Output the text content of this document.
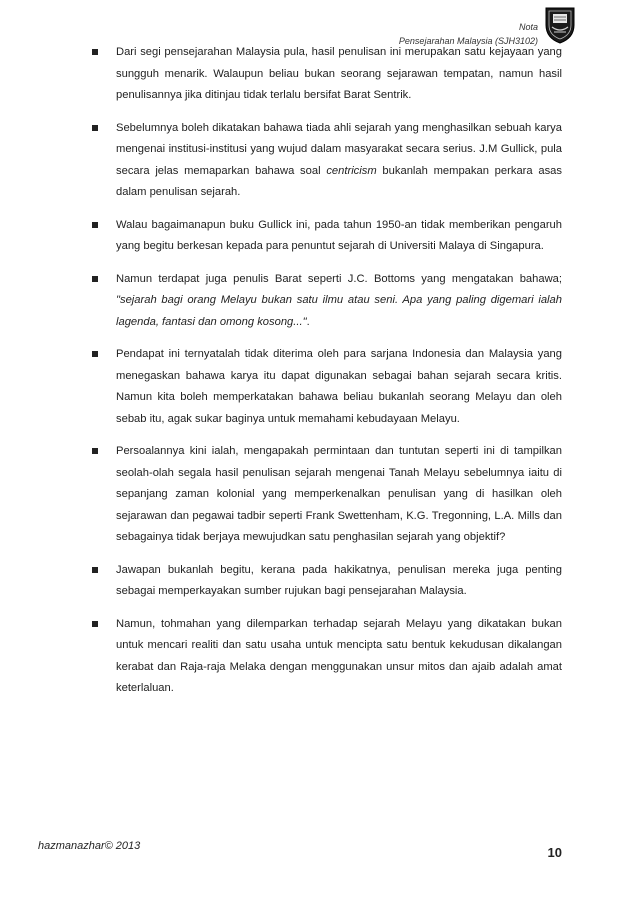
Nota
Pensejarahan Malaysia (SJH3102)
Dari segi pensejarahan Malaysia pula, hasil penulisan ini merupakan satu kejayaan yang sungguh menarik. Walaupun beliau bukan seorang sejarawan tempatan, namun hasil penulisannya jika ditinjau tidak terlalu bersifat Barat Sentrik.
Sebelumnya boleh dikatakan bahawa tiada ahli sejarah yang menghasilkan sebuah karya mengenai institusi-institusi yang wujud dalam masyarakat secara serius. J.M Gullick, pula secara jelas memaparkan bahawa soal centricism bukanlah mempakan perkara asas dalam penulisan sejarah.
Walau bagaimanapun buku Gullick ini, pada tahun 1950-an tidak memberikan pengaruh yang begitu berkesan kepada para penuntut sejarah di Universiti Malaya di Singapura.
Namun terdapat juga penulis Barat seperti J.C. Bottoms yang mengatakan bahawa; "sejarah bagi orang Melayu bukan satu ilmu atau seni. Apa yang paling digemari ialah lagenda, fantasi dan omong kosong...".
Pendapat ini ternyatalah tidak diterima oleh para sarjana Indonesia dan Malaysia yang menegaskan bahawa karya itu dapat digunakan sebagai bahan sejarah secara kritis. Namun kita boleh memperkatakan bahawa beliau bukanlah seorang Melayu dan oleh sebab itu, agak sukar baginya untuk memahami kebudayaan Melayu.
Persoalannya kini ialah, mengapakah permintaan dan tuntutan seperti ini di tampilkan seolah-olah segala hasil penulisan sejarah mengenai Tanah Melayu sebelumnya iaitu di sepanjang zaman kolonial yang memperkenalkan penulisan yang di hasilkan oleh sejarawan dan pegawai tadbir seperti Frank Swettenham, K.G. Tregonning, L.A. Mills dan sebagainya tidak berjaya mewujudkan satu penghasilan sejarah yang objektif?
Jawapan bukanlah begitu, kerana pada hakikatnya, penulisan mereka juga penting sebagai memperkayakan sumber rujukan bagi pensejarahan Malaysia.
Namun, tohmahan yang dilemparkan terhadap sejarah Melayu yang dikatakan bukan untuk mencari realiti dan satu usaha untuk mencipta satu bentuk kekudusan dikalangan kerabat dan Raja-raja Melaka dengan menggunakan unsur mitos dan ajaib adalah amat keterlaluan.
hazmanazhar© 2013	10
